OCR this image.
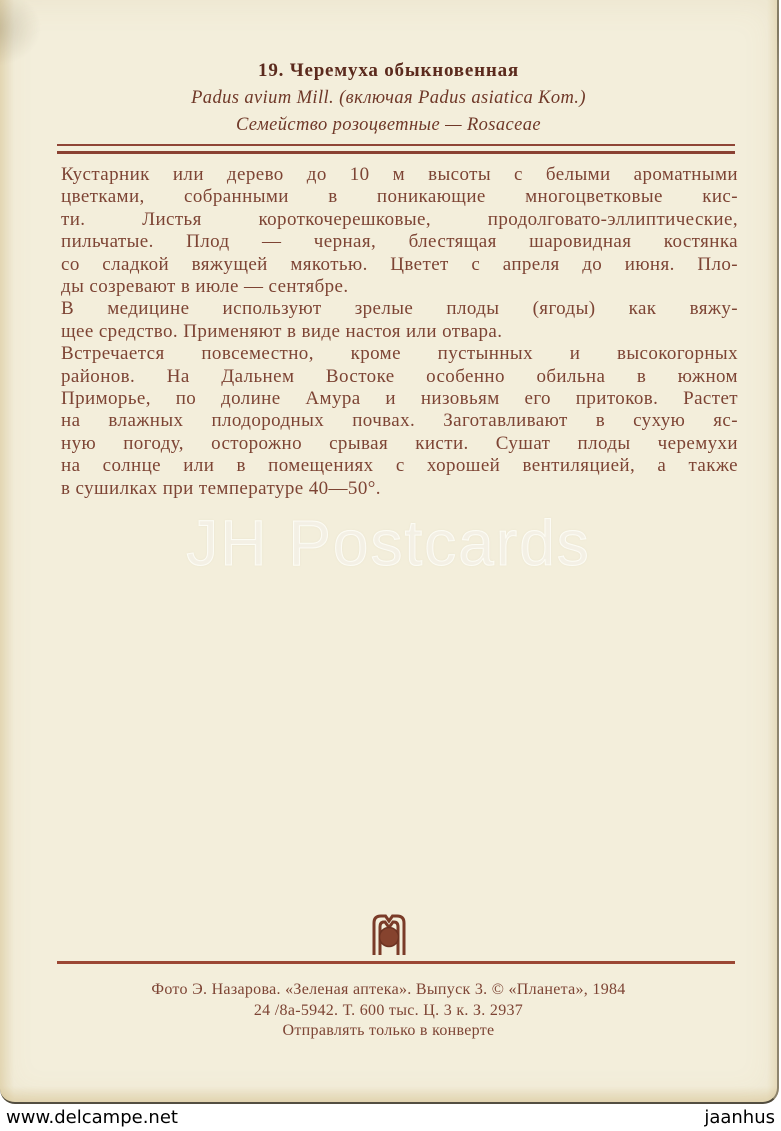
19. Черемуха обыкновенная
Padus avium Mill. (включая Padus asiatica Kom.)
Семейство розоцветные — Rosaceae
Кустарник или дерево до 10 м высоты с белыми ароматными
цветками, собранными в поникающие многоцветковые кис-
ти. Листья короткочерешковые, продолговато-эллиптические,
пильчатые. Плод — черная, блестящая шаровидная костянка
со сладкой вяжущей мякотью. Цветет с апреля до июня. Пло-
ды созревают в июле — сентябре.
В медицине используют зрелые плоды (ягоды) как вяжу-
щее средство. Применяют в виде настоя или отвара.
Встречается повсеместно, кроме пустынных и высокогорных
районов. На Дальнем Востоке особенно обильна в южном
Приморье, по долине Амура и низовьям его притоков. Растет
на влажных плодородных почвах. Заготавливают в сухую яс-
ную погоду, осторожно срывая кисти. Сушат плоды черемухи
на солнце или в помещениях с хорошей вентиляцией, а также
в сушилках при температуре 40—50°.
JH Postcards
Фото Э. Назарова. «Зеленая аптека». Выпуск 3. © «Планета», 1984
24 /8а-5942. Т. 600 тыс. Ц. 3 к. З. 2937
Отправлять только в конверте
www.delcampe.net	jaanhus
